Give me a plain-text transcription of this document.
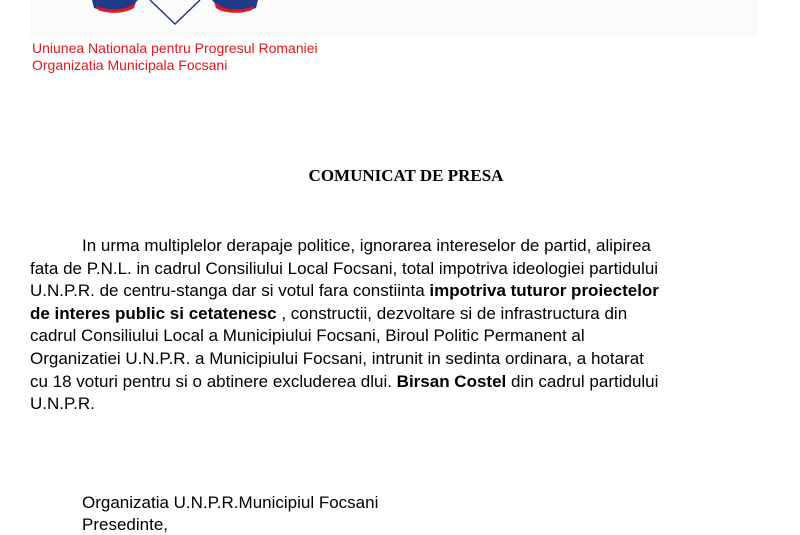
Uniunea Nationala pentru Progresul Romaniei
Organizatia Municipala Focsani
COMUNICAT DE PRESA
In urma multiplelor derapaje politice, ignorarea intereselor de partid, alipirea
fata de P.N.L. in cadrul Consiliului Local Focsani, total impotriva ideologiei partidului
U.N.P.R. de centru-stanga dar si votul fara constiinta impotriva tuturor proiectelor
de interes public si cetatenesc , constructii, dezvoltare si de infrastructura din
cadrul Consiliului Local a Municipiului Focsani, Biroul Politic Permanent al
Organizatiei U.N.P.R. a Municipiului Focsani, intrunit in sedinta ordinara, a hotarat
cu 18 voturi pentru si o abtinere excluderea dlui. Birsan Costel din cadrul partidului
U.N.P.R.
Organizatia U.N.P.R.Municipiul Focsani
Presedinte,
